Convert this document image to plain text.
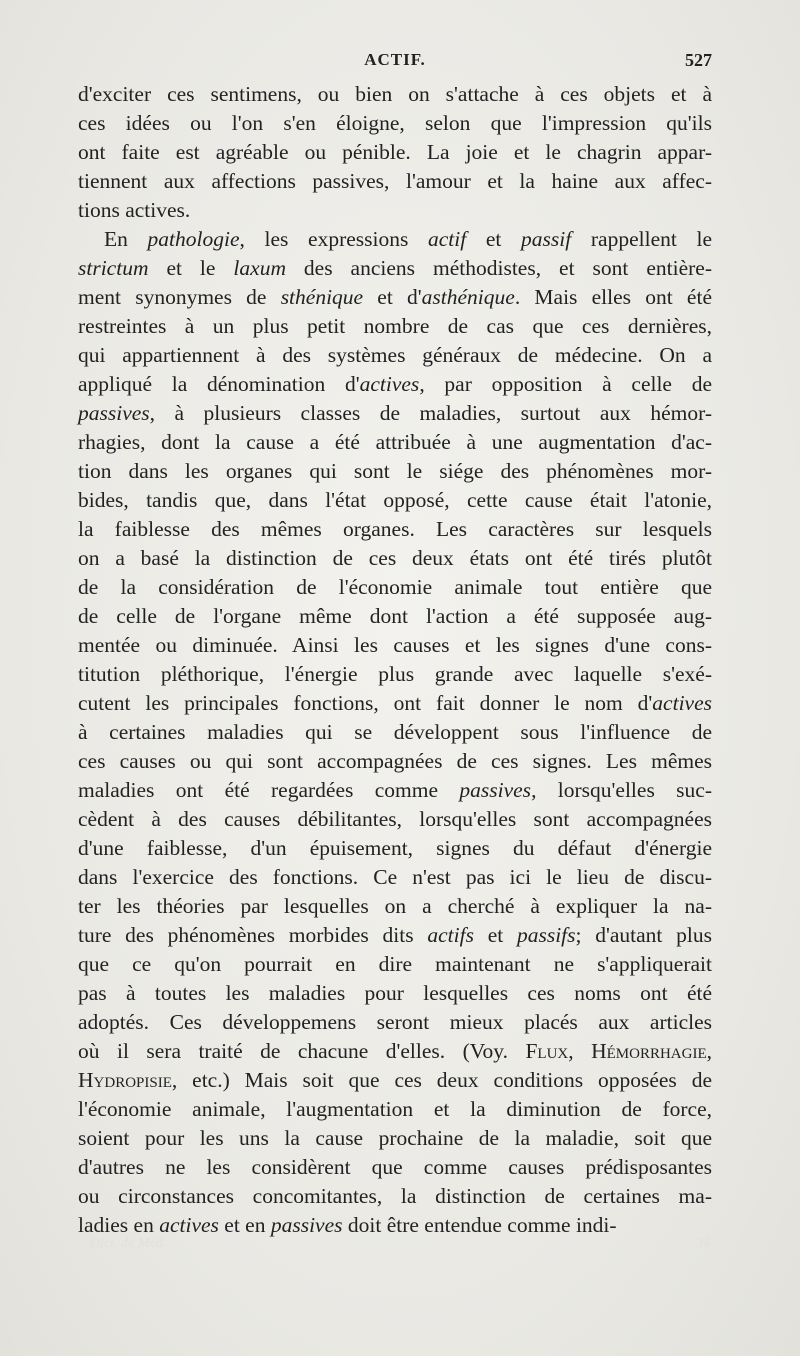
ACTIF.	527
d'exciter ces sentimens, ou bien on s'attache à ces objets et à
ces idées ou l'on s'en éloigne, selon que l'impression qu'ils
ont faite est agréable ou pénible. La joie et le chagrin appar-
tiennent aux affections passives, l'amour et la haine aux affec-
tions actives.
En pathologie, les expressions actif et passif rappellent le
strictum et le laxum des anciens méthodistes, et sont entière-
ment synonymes de sthénique et d'asthénique. Mais elles ont été
restreintes à un plus petit nombre de cas que ces dernières,
qui appartiennent à des systèmes généraux de médecine. On a
appliqué la dénomination d'actives, par opposition à celle de
passives, à plusieurs classes de maladies, surtout aux hémor-
rhagies, dont la cause a été attribuée à une augmentation d'ac-
tion dans les organes qui sont le siége des phénomènes mor-
bides, tandis que, dans l'état opposé, cette cause était l'atonie,
la faiblesse des mêmes organes. Les caractères sur lesquels
on a basé la distinction de ces deux états ont été tirés plutôt
de la considération de l'économie animale tout entière que
de celle de l'organe même dont l'action a été supposée aug-
mentée ou diminuée. Ainsi les causes et les signes d'une cons-
titution pléthorique, l'énergie plus grande avec laquelle s'exé-
cutent les principales fonctions, ont fait donner le nom d'actives
à certaines maladies qui se développent sous l'influence de
ces causes ou qui sont accompagnées de ces signes. Les mêmes
maladies ont été regardées comme passives, lorsqu'elles suc-
cèdent à des causes débilitantes, lorsqu'elles sont accompagnées
d'une faiblesse, d'un épuisement, signes du défaut d'énergie
dans l'exercice des fonctions. Ce n'est pas ici le lieu de discu-
ter les théories par lesquelles on a cherché à expliquer la na-
ture des phénomènes morbides dits actifs et passifs; d'autant plus
que ce qu'on pourrait en dire maintenant ne s'appliquerait
pas à toutes les maladies pour lesquelles ces noms ont été
adoptés. Ces développemens seront mieux placés aux articles
où il sera traité de chacune d'elles. (Voy. Flux, Hémorrhagie,
Hydropisie, etc.) Mais soit que ces deux conditions opposées de
l'économie animale, l'augmentation et la diminution de force,
soient pour les uns la cause prochaine de la maladie, soit que
d'autres ne les considèrent que comme causes prédisposantes
ou circonstances concomitantes, la distinction de certaines ma-
ladies en actives et en passives doit être entendue comme indi-
Dict. de Méd.	34
